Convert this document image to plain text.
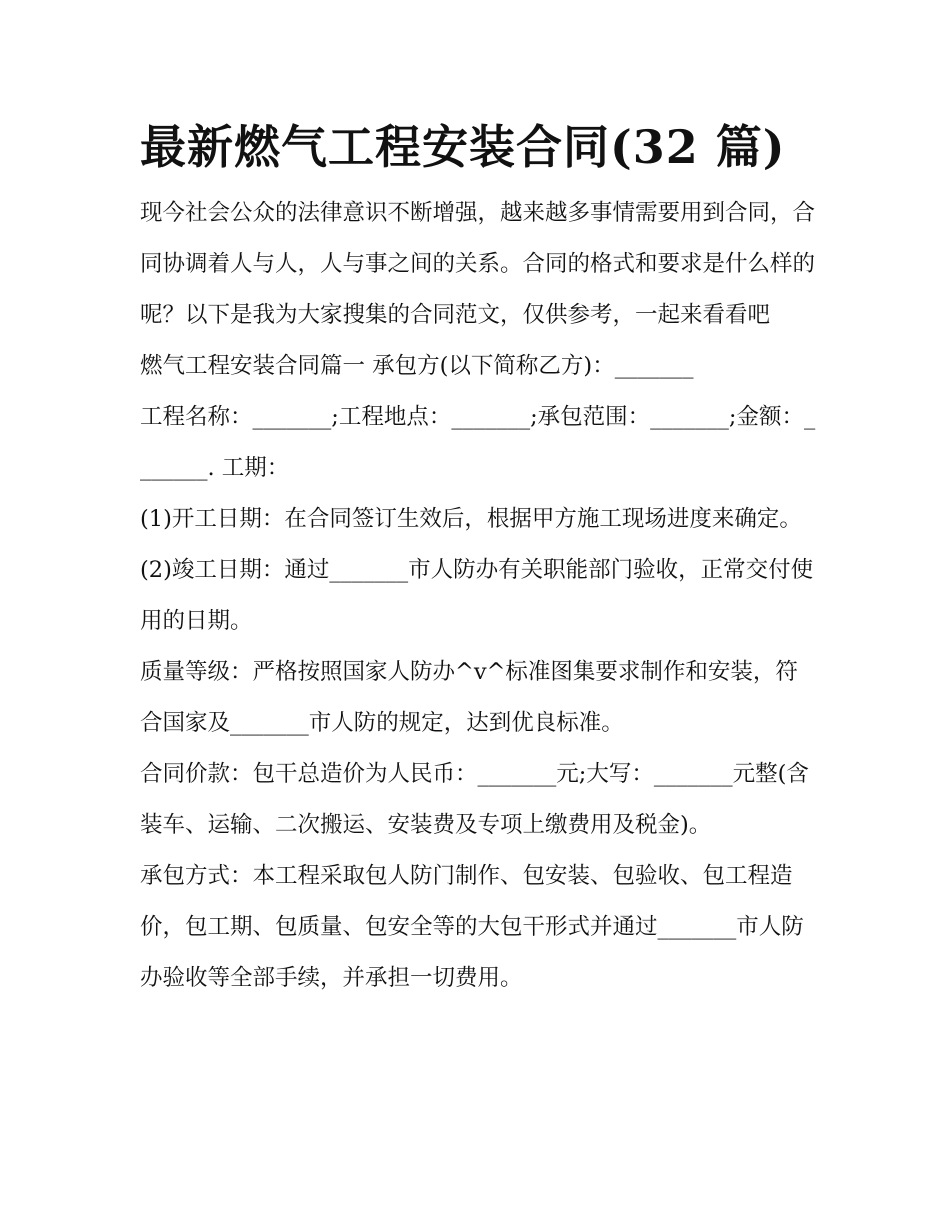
最新燃气工程安装合同(32 篇)

现今社会公众的法律意识不断增强，越来越多事情需要用到合同，合同协调着人与人，人与事之间的关系。合同的格式和要求是什么样的呢？以下是我为大家搜集的合同范文，仅供参考，一起来看看吧

燃气工程安装合同篇一 承包方(以下简称乙方)：_______

工程名称：_______;工程地点：_______;承包范围：_______;金额：_______. 工期：

(1)开工日期：在合同签订生效后，根据甲方施工现场进度来确定。 (2)竣工日期：通过_______市人防办有关职能部门验收，正常交付使用的日期。

质量等级：严格按照国家人防办^v^标准图集要求制作和安装，符合国家及_______市人防的规定，达到优良标准。

合同价款：包干总造价为人民币：_______元;大写：_______元整(含装车、运输、二次搬运、安装费及专项上缴费用及税金)。

承包方式：本工程采取包人防门制作、包安装、包验收、包工程造价，包工期、包质量、包安全等的大包干形式并通过_______市人防办验收等全部手续，并承担一切费用。
